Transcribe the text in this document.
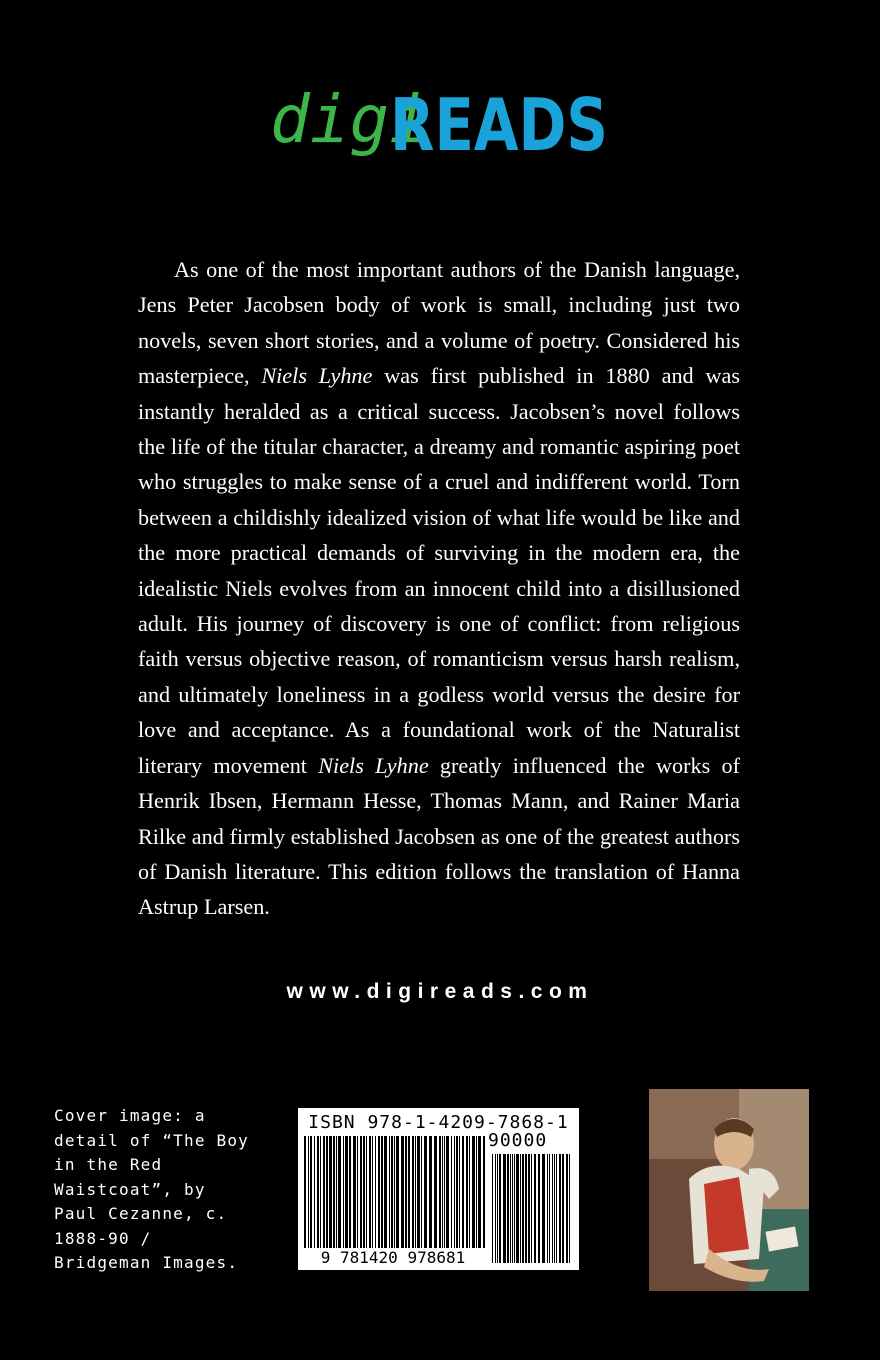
digi
READS

As one of the most important authors of the Danish language, Jens Peter Jacobsen body of work is small, including just two novels, seven short stories, and a volume of poetry. Considered his masterpiece, Niels Lyhne was first published in 1880 and was instantly heralded as a critical success. Jacobsen’s novel follows the life of the titular character, a dreamy and romantic aspiring poet who struggles to make sense of a cruel and indifferent world. Torn between a childishly idealized vision of what life would be like and the more practical demands of surviving in the modern era, the idealistic Niels evolves from an innocent child into a disillusioned adult. His journey of discovery is one of conflict: from religious faith versus objective reason, of romanticism versus harsh realism, and ultimately loneliness in a godless world versus the desire for love and acceptance. As a foundational work of the Naturalist literary movement Niels Lyhne greatly influenced the works of Henrik Ibsen, Hermann Hesse, Thomas Mann, and Rainer Maria Rilke and firmly established Jacobsen as one of the greatest authors of Danish literature. This edition follows the translation of Hanna Astrup Larsen.

www.digireads.com
Cover image: a
detail of “The Boy
in the Red
Waistcoat”, by
Paul Cezanne, c.
1888-90 /
Bridgeman Images.
ISBN 978-1-4209-7868-1
90000
9 781420 978681
